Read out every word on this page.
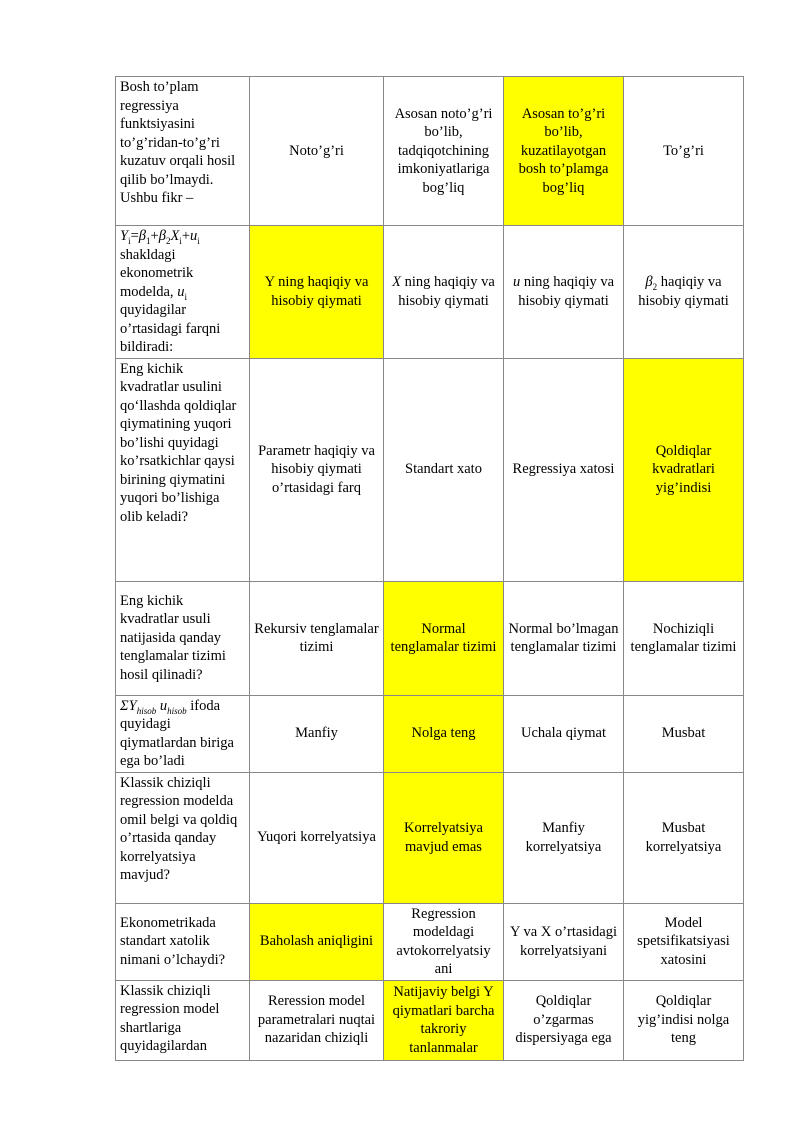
Bosh to’plam regressiya funktsiyasini to’g’ridan-to’g’ri kuzatuv orqali hosil qilib bo’lmaydi. Ushbu fikr –	Noto’g’ri	Asosan noto’g’ri bo’lib, tadqiqotchining imkoniyatlariga bog’liq	Asosan to’g’ri bo’lib, kuzatilayotgan bosh to’plamga bog’liq	To’g’ri
$Y_i=\beta_1+\beta_2X_i+u_i$ shakldagi ekonometrik modelda, $u_i$ quyidagilar o’rtasidagi farqni bildiradi:	Y ning haqiqiy va hisobiy qiymati	X ning haqiqiy va hisobiy qiymati	u ning haqiqiy va hisobiy qiymati	$\beta_2$ haqiqiy va hisobiy qiymati
Eng kichik kvadratlar usulini qoʻllashda qoldiqlar qiymatining yuqori bo’lishi quyidagi ko’rsatkichlar qaysi birining qiymatini yuqori bo’lishiga olib keladi?	Parametr haqiqiy va hisobiy qiymati o’rtasidagi farq	Standart xato	Regressiya xatosi	Qoldiqlar kvadratlari yig’indisi
Eng kichik kvadratlar usuli natijasida qanday tenglamalar tizimi hosil qilinadi?	Rekursiv tenglamalar tizimi	Normal tenglamalar tizimi	Normal bo’lmagan tenglamalar tizimi	Nochiziqli tenglamalar tizimi
$\Sigma Y_{hisob}$ $u_{hisob}$ ifoda quyidagi qiymatlardan biriga ega bo’ladi	Manfiy	Nolga teng	Uchala qiymat	Musbat
Klassik chiziqli regression modelda omil belgi va qoldiq o’rtasida qanday korrelyatsiya mavjud?	Yuqori korrelyatsiya	Korrelyatsiya mavjud emas	Manfiy korrelyatsiya	Musbat korrelyatsiya
Ekonometrikada standart xatolik nimani o’lchaydi?	Baholash aniqligini	Regression modeldagi avtokorrelyatsiy ani	Y va X o’rtasidagi korrelyatsiyani	Model spetsifikatsiyasi xatosini
Klassik chiziqli regression model shartlariga quyidagilardan	Reression model parametralari nuqtai nazaridan chiziqli	Natijaviy belgi Y qiymatlari barcha takroriy tanlanmalar	Qoldiqlar o’zgarmas dispersiyaga ega	Qoldiqlar yig’indisi nolga teng
